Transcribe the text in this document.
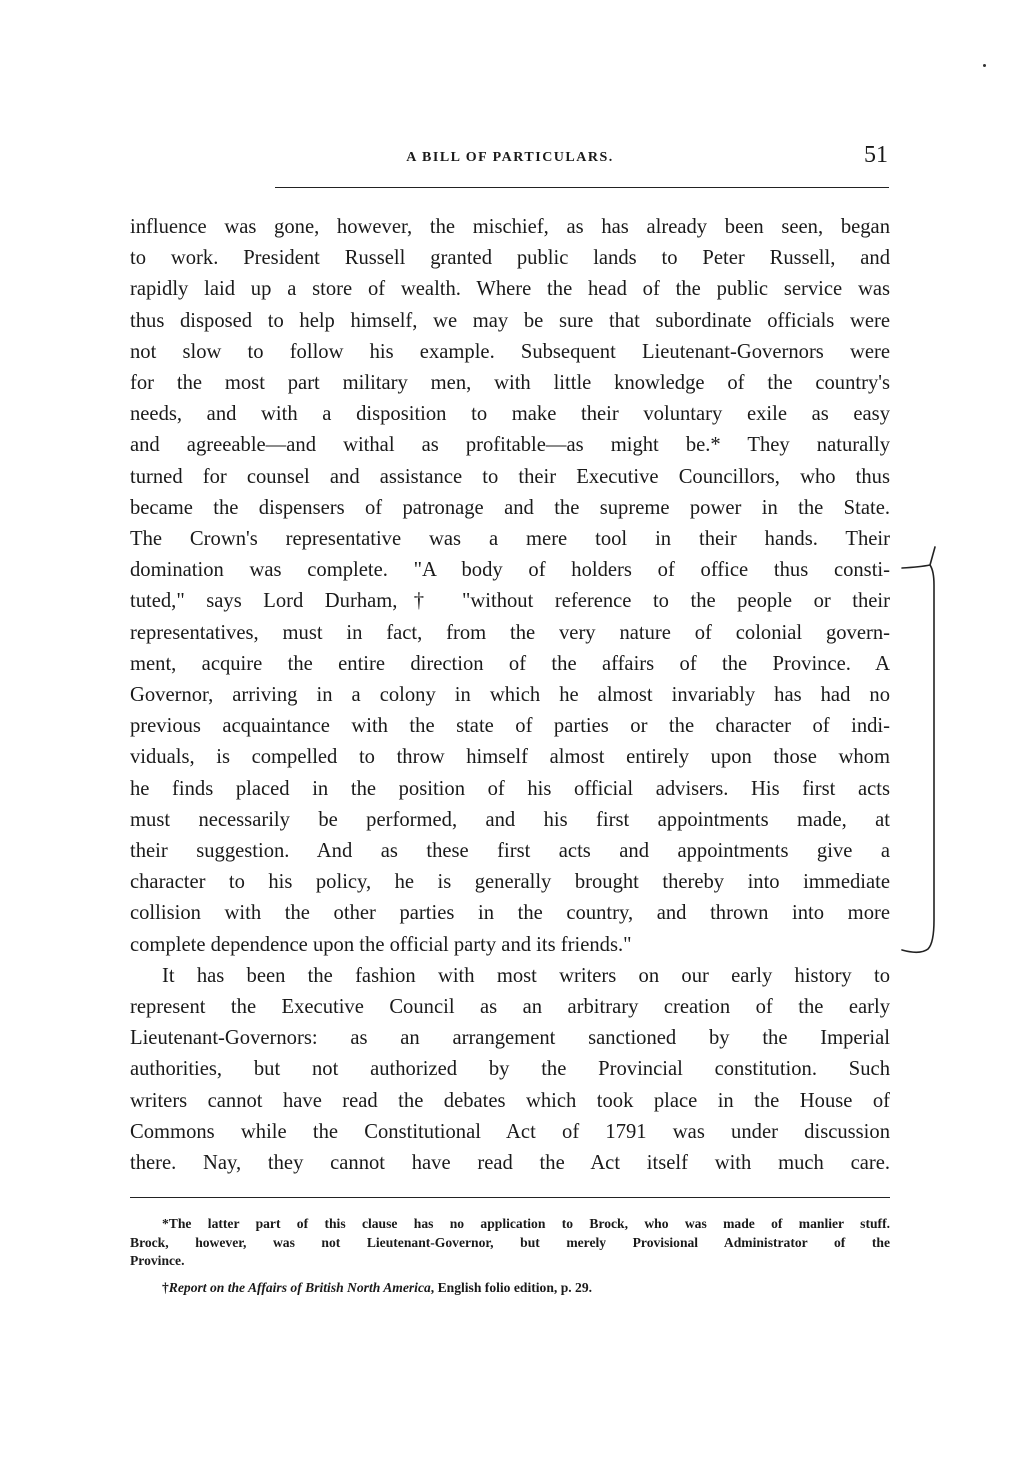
A BILL OF PARTICULARS.	51
influence was gone, however, the mischief, as has already been seen, began
to work. President Russell granted public lands to Peter Russell, and
rapidly laid up a store of wealth. Where the head of the public service was
thus disposed to help himself, we may be sure that subordinate officials were
not slow to follow his example. Subsequent Lieutenant-Governors were
for the most part military men, with little knowledge of the country's
needs, and with a disposition to make their voluntary exile as easy
and agreeable—and withal as profitable—as might be.* They naturally
turned for counsel and assistance to their Executive Councillors, who thus
became the dispensers of patronage and the supreme power in the State.
The Crown's representative was a mere tool in their hands. Their
domination was complete. "A body of holders of office thus consti-
tuted," says Lord Durham,† "without reference to the people or their
representatives, must in fact, from the very nature of colonial govern-
ment, acquire the entire direction of the affairs of the Province. A
Governor, arriving in a colony in which he almost invariably has had no
previous acquaintance with the state of parties or the character of indi-
viduals, is compelled to throw himself almost entirely upon those whom
he finds placed in the position of his official advisers. His first acts
must necessarily be performed, and his first appointments made, at
their suggestion. And as these first acts and appointments give a
character to his policy, he is generally brought thereby into immediate
collision with the other parties in the country, and thrown into more
complete dependence upon the official party and its friends."
It has been the fashion with most writers on our early history to
represent the Executive Council as an arbitrary creation of the early
Lieutenant-Governors: as an arrangement sanctioned by the Imperial
authorities, but not authorized by the Provincial constitution. Such
writers cannot have read the debates which took place in the House of
Commons while the Constitutional Act of 1791 was under discussion
there. Nay, they cannot have read the Act itself with much care.
*The latter part of this clause has no application to Brock, who was made of manlier stuff.
Brock, however, was not Lieutenant-Governor, but merely Provisional Administrator of the
Province.
†Report on the Affairs of British North America, English folio edition, p. 29.
